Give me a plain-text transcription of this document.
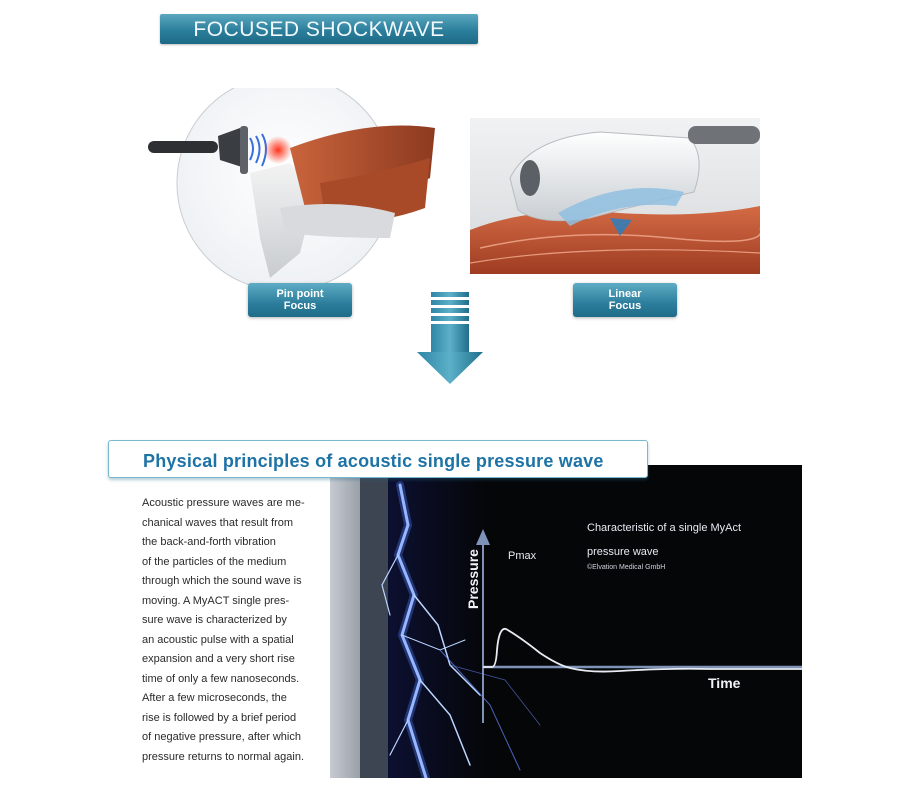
FOCUSED SHOCKWAVE
Pin point
Focus
Linear
Focus
Physical principles of acoustic single pressure wave
Acoustic pressure waves are me-
chanical waves that result from
the back-and-forth vibration
of the particles of the medium
through which the sound wave is
moving. A MyACT single pres-
sure wave is characterized by
an acoustic pulse with a spatial
expansion and a very short rise
time of only a few nanoseconds.
After a few microseconds, the
rise is followed by a brief period
of negative pressure, after which
pressure returns to normal again.
Pressure Pmax
Time
Characteristic of a single MyAct
pressure wave
©Elvation Medical GmbH
